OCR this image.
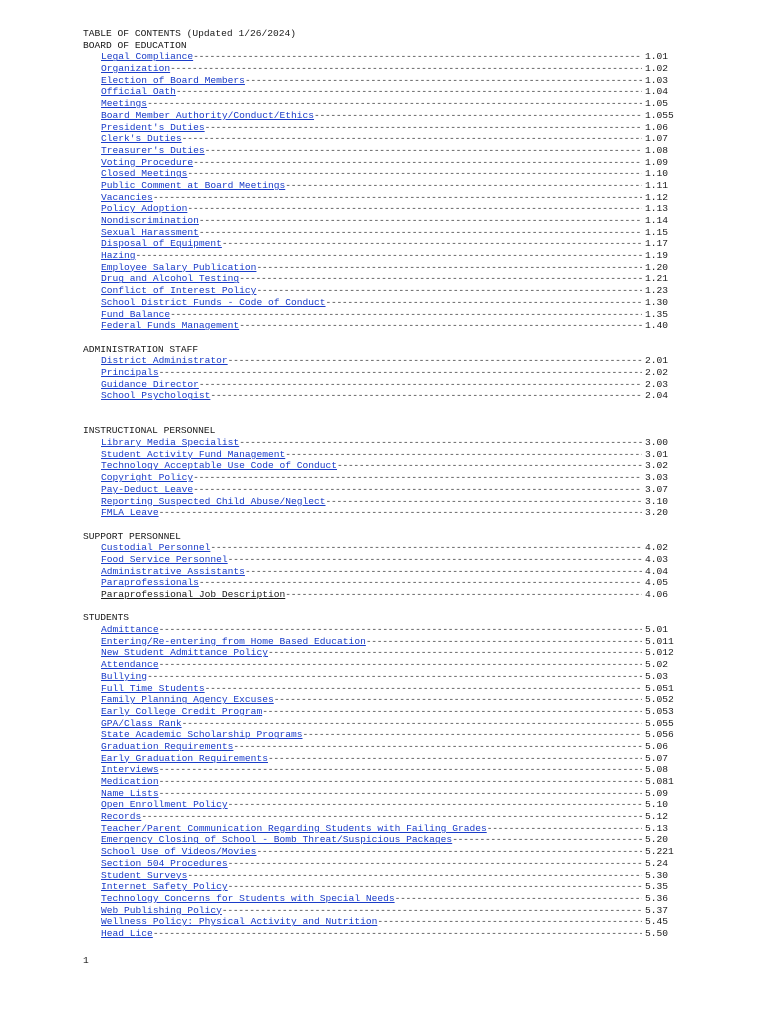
TABLE OF CONTENTS (Updated 1/26/2024)
BOARD OF EDUCATION
Legal Compliance -----	1.01
Organization -----	1.02
Election of Board Members -----	1.03
Official Oath -----	1.04
Meetings -----	1.05
Board Member Authority/Conduct/Ethics -----	1.055
President's Duties -----	1.06
Clerk's Duties -----	1.07
Treasurer's Duties -----	1.08
Voting Procedure -----	1.09
Closed Meetings -----	1.10
Public Comment at Board Meetings -----	1.11
Vacancies -----	1.12
Policy Adoption -----	1.13
Nondiscrimination -----	1.14
Sexual Harassment -----	1.15
Disposal of Equipment -----	1.17
Hazing -----	1.19
Employee Salary Publication -----	1.20
Drug and Alcohol Testing -----	1.21
Conflict of Interest Policy -----	1.23
School District Funds - Code of Conduct -----	1.30
Fund Balance -----	1.35
Federal Funds Management -----	1.40
ADMINISTRATION STAFF
District Administrator -----	2.01
Principals -----	2.02
Guidance Director -----	2.03
School Psychologist -----	2.04
INSTRUCTIONAL PERSONNEL
Library Media Specialist -----	3.00
Student Activity Fund Management -----	3.01
Technology Acceptable Use Code of Conduct -----	3.02
Copyright Policy -----	3.03
Pay-Deduct Leave -----	3.07
Reporting Suspected Child Abuse/Neglect -----	3.10
FMLA Leave -----	3.20
SUPPORT PERSONNEL
Custodial Personnel -----	4.02
Food Service Personnel -----	4.03
Administrative Assistants -----	4.04
Paraprofessionals -----	4.05
Paraprofessional Job Description -----	4.06
STUDENTS
Admittance -----	5.01
Entering/Re-entering from Home Based Education -----	5.011
New Student Admittance Policy -----	5.012
Attendance -----	5.02
Bullying -----	5.03
Full Time Students -----	5.051
Family Planning Agency Excuses -----	5.052
Early College Credit Program -----	5.053
GPA/Class Rank -----	5.055
State Academic Scholarship Programs -----	5.056
Graduation Requirements -----	5.06
Early Graduation Requirements -----	5.07
Interviews -----	5.08
Medication -----	5.081
Name Lists -----	5.09
Open Enrollment Policy -----	5.10
Records -----	5.12
Teacher/Parent Communication Regarding Students with Failing Grades -----	5.13
Emergency Closing of School - Bomb Threat/Suspicious Packages -----	5.20
School Use of Videos/Movies -----	5.221
Section 504 Procedures -----	5.24
Student Surveys -----	5.30
Internet Safety Policy -----	5.35
Technology Concerns for Students with Special Needs -----	5.36
Web Publishing Policy -----	5.37
Wellness Policy: Physical Activity and Nutrition -----	5.45
Head Lice -----	5.50
1
